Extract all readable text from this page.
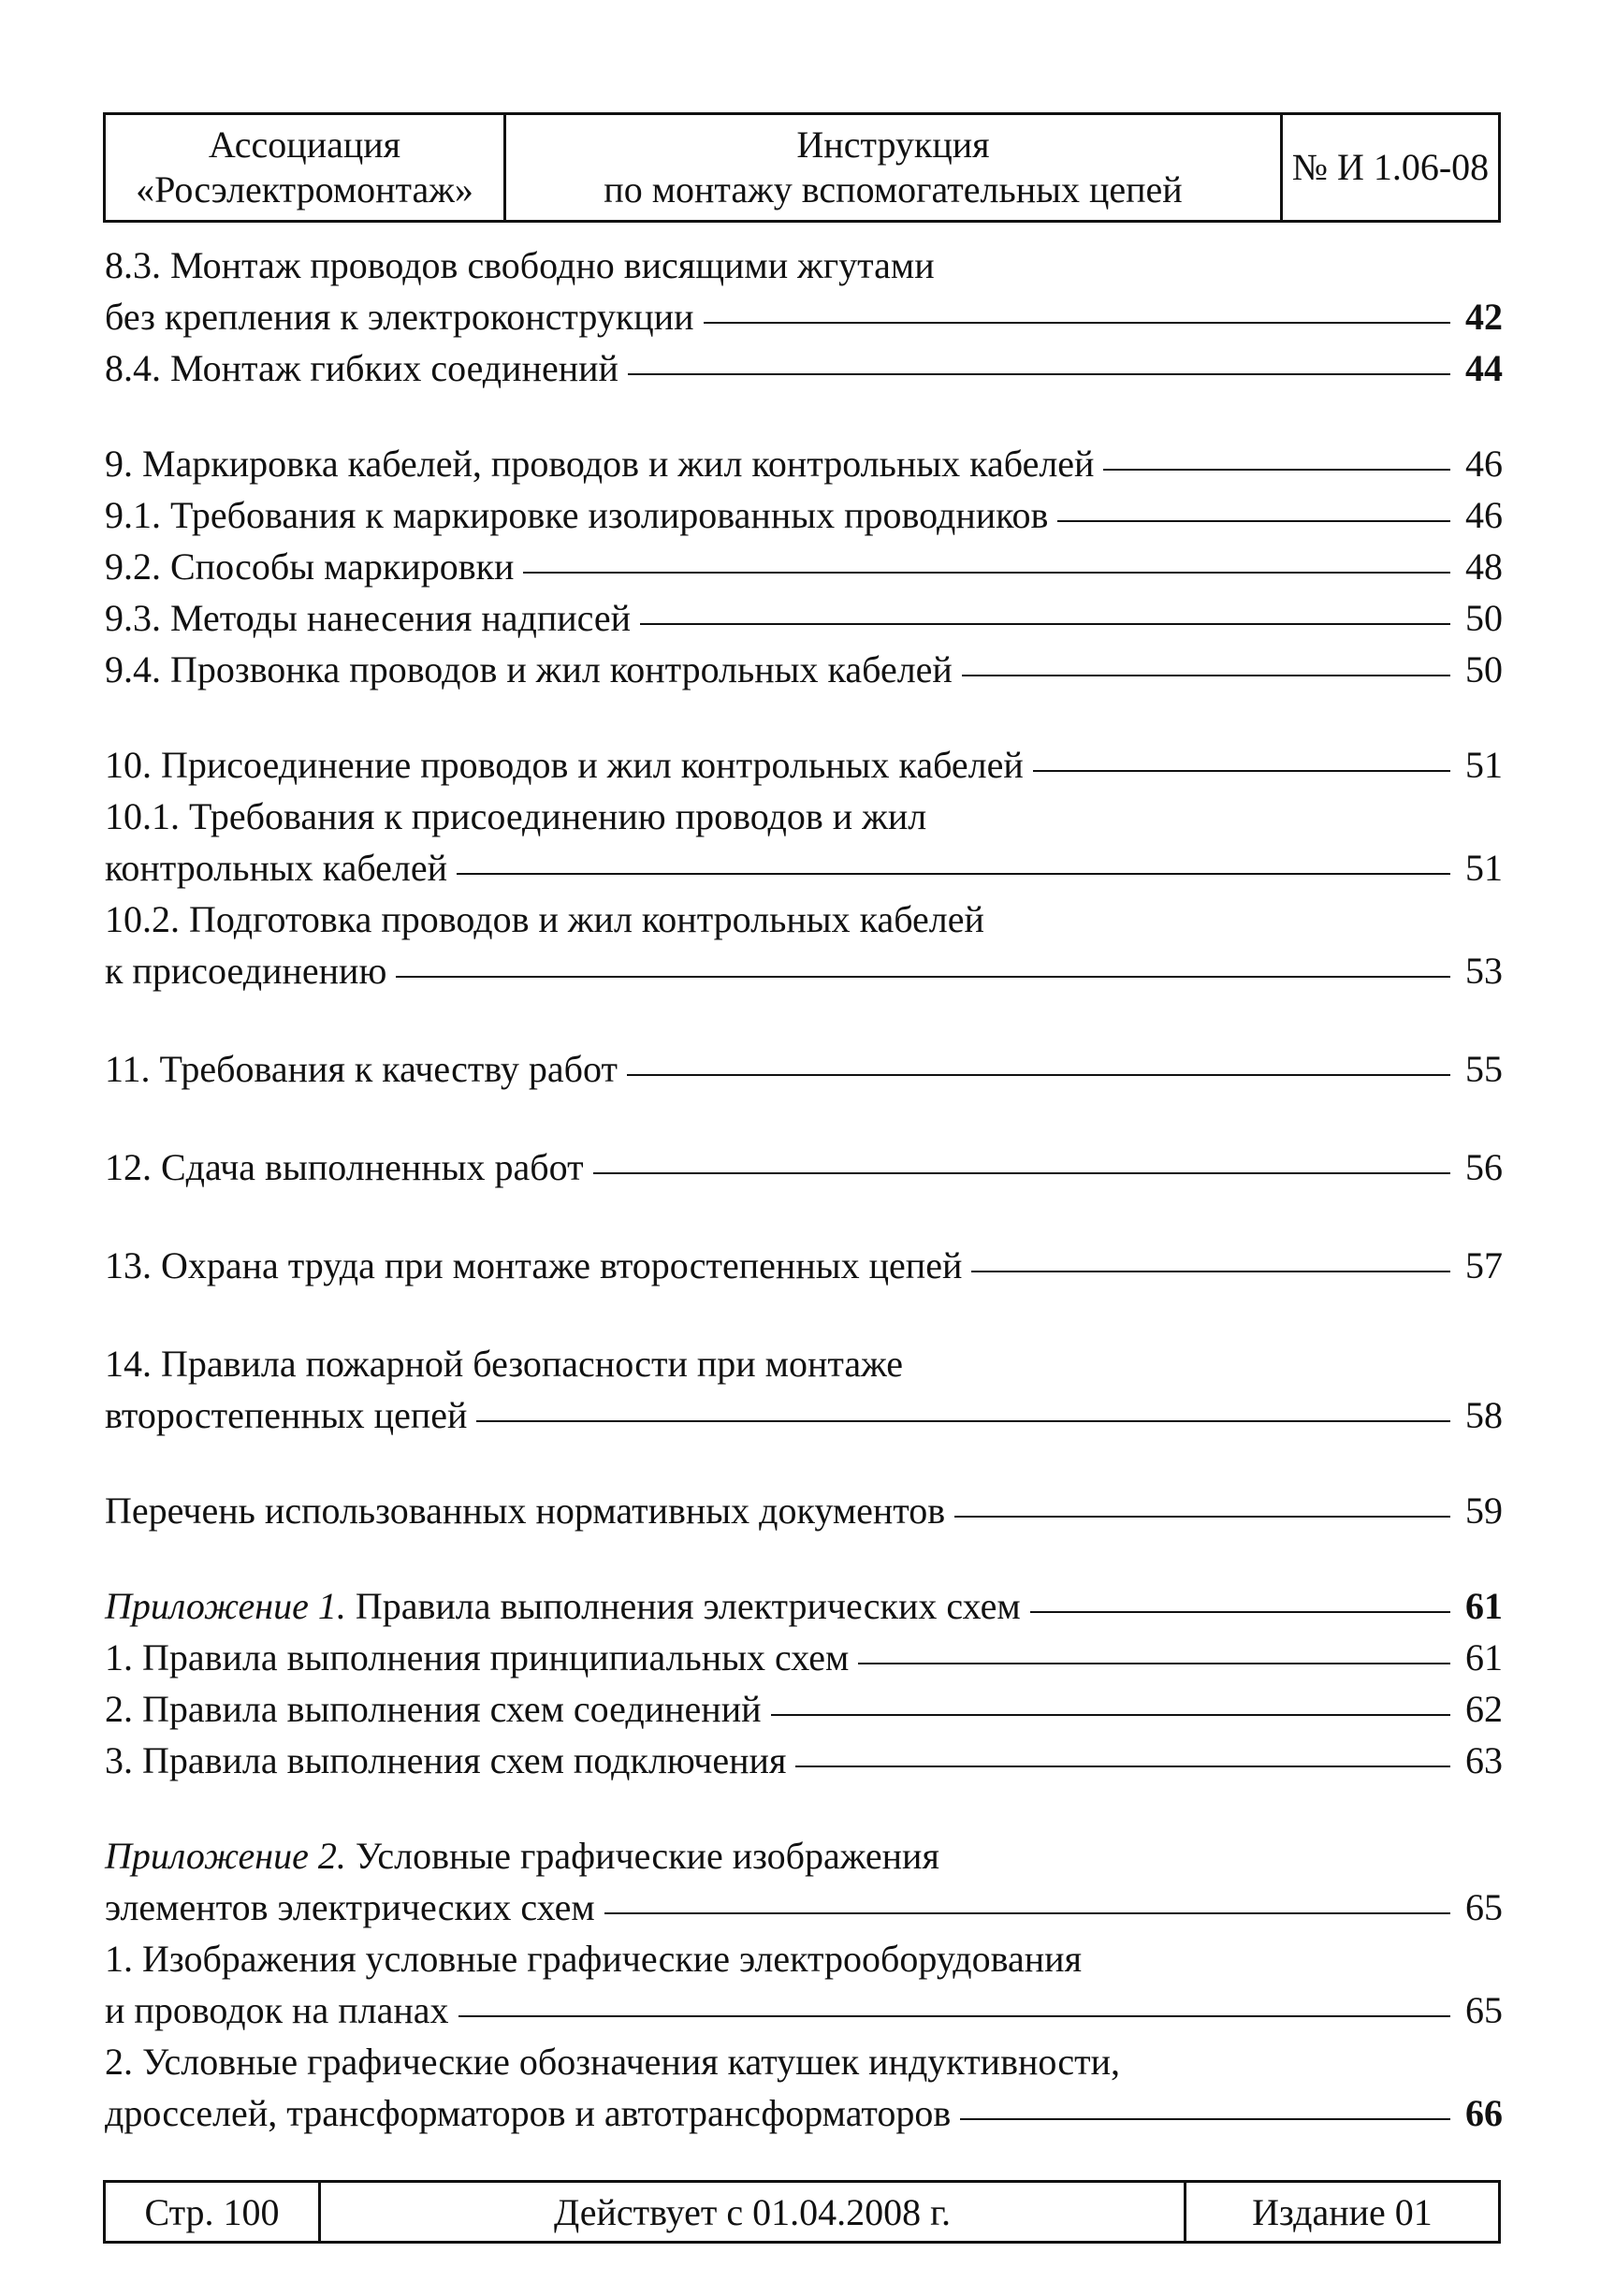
Ассоциация
«Росэлектромонтаж»
Инструкция
по монтажу вспомогательных цепей
№ И 1.06-08
8.3. Монтаж проводов свободно висящими жгутами
без крепления к электроконструкции	42
8.4. Монтаж гибких соединений	44
9. Маркировка кабелей, проводов и жил контрольных кабелей	46
9.1. Требования к маркировке изолированных проводников	46
9.2. Способы маркировки	48
9.3. Методы нанесения надписей	50
9.4. Прозвонка проводов и жил контрольных кабелей	50
10. Присоединение проводов и жил контрольных кабелей	51
10.1. Требования к присоединению проводов и жил
контрольных кабелей	51
10.2. Подготовка проводов и жил контрольных кабелей
к присоединению	53
11. Требования к качеству работ	55
12. Сдача выполненных работ	56
13. Охрана труда при монтаже второстепенных цепей	57
14. Правила пожарной безопасности при монтаже
второстепенных цепей	58
Перечень использованных нормативных документов	59
Приложение 1. Правила выполнения электрических схем	61
1. Правила выполнения принципиальных схем	61
2. Правила выполнения схем соединений	62
3. Правила выполнения схем подключения	63
Приложение 2. Условные графические изображения
элементов электрических схем	65
1. Изображения условные графические электрооборудования
и проводок на планах	65
2. Условные графические обозначения катушек индуктивности,
дросселей, трансформаторов и автотрансформаторов	66
Стр. 100	Действует с 01.04.2008 г.	Издание 01
